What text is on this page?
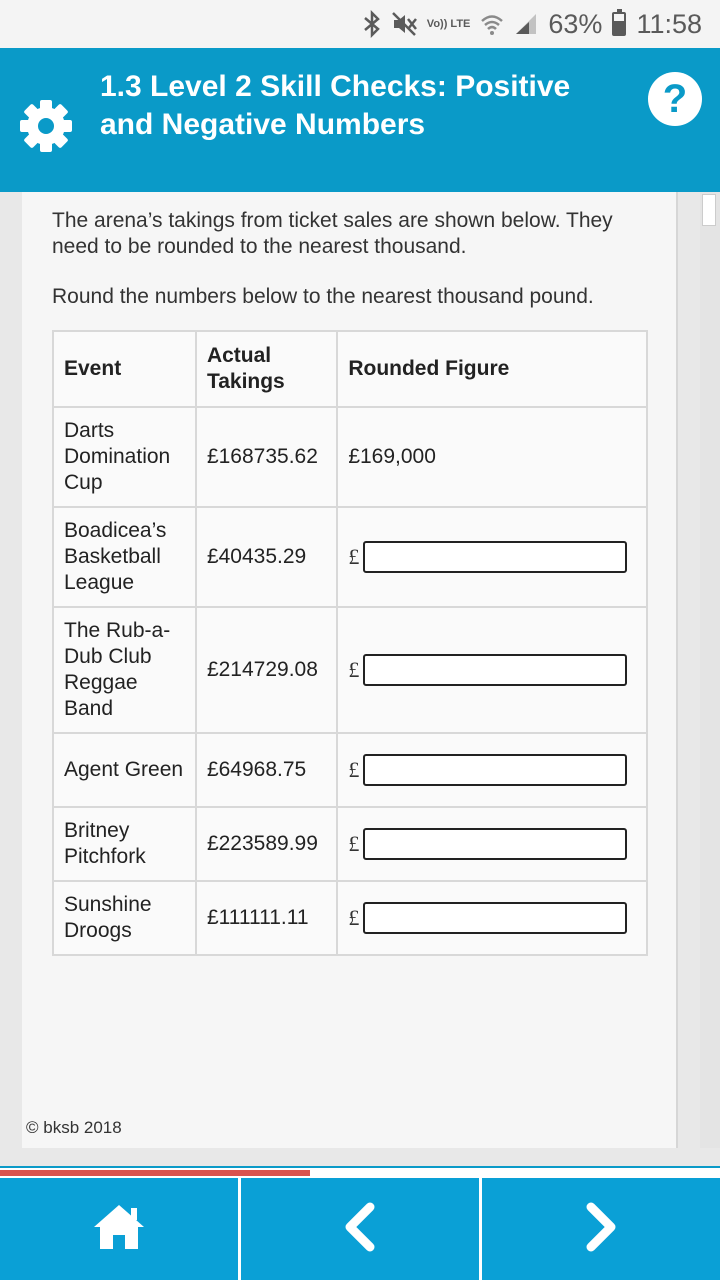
Vo)) LTE	63% 11:58
1.3 Level 2 Skill Checks: Positive and Negative Numbers
?

The arena’s takings from ticket sales are shown below. They need to be rounded to the nearest thousand.

Round the numbers below to the nearest thousand pound.

Event	Actual Takings	Rounded Figure
Darts Domination Cup	£168735.62	£169,000
Boadicea’s Basketball League	£40435.29	£

The Rub-a-Dub Club Reggae Band	£214729.08	£

Agent Green	£64968.75	£

Britney Pitchfork	£223589.99	£

Sunshine Droogs	£111111.11	£
© bksb 2018
